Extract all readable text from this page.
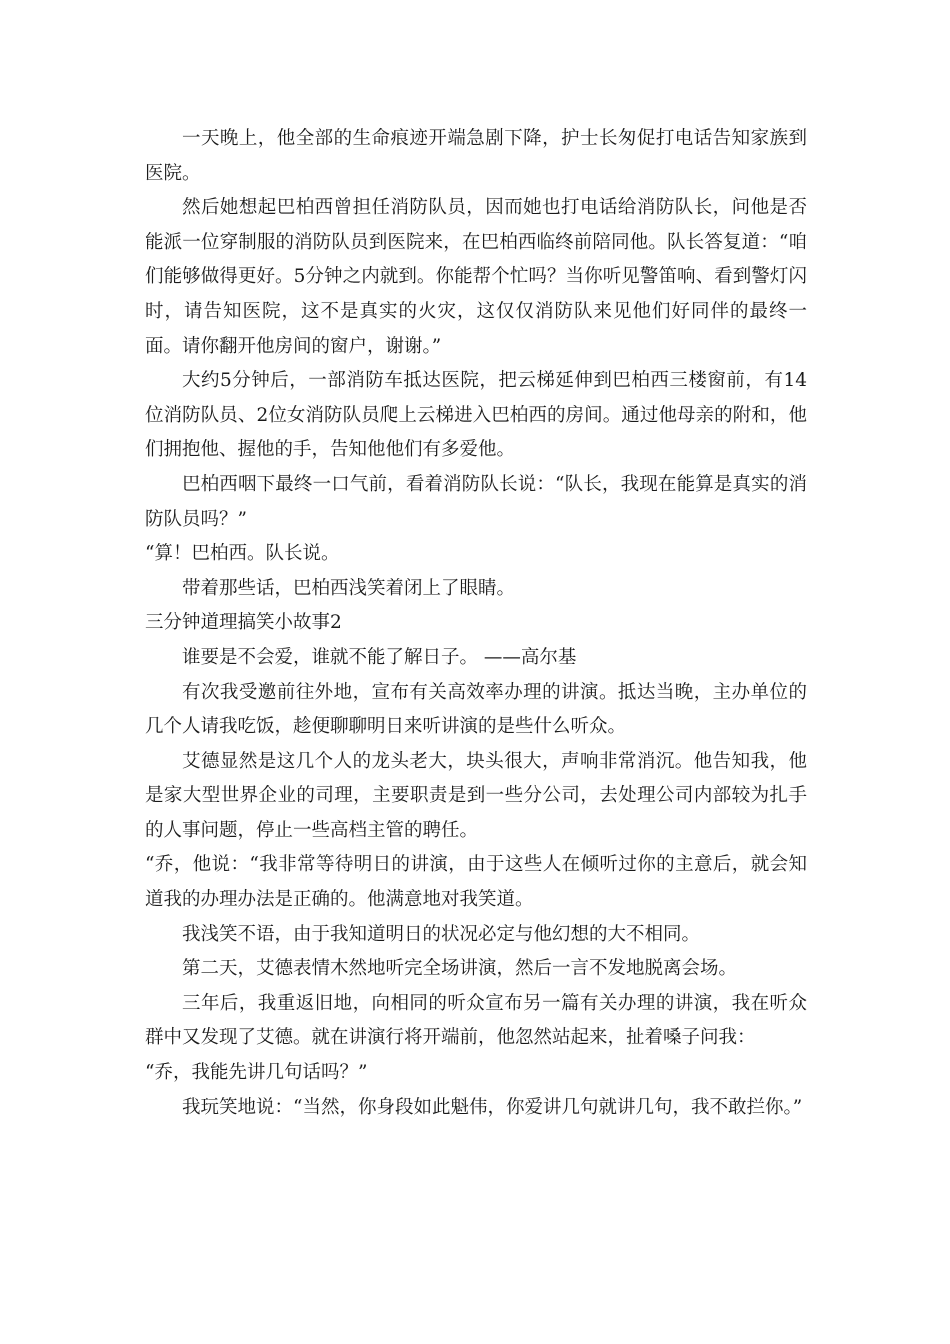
一天晚上，他全部的生命痕迹开端急剧下降，护士长匆促打电话告知家族到医院。

然后她想起巴柏西曾担任消防队员，因而她也打电话给消防队长，问他是否能派一位穿制服的消防队员到医院来，在巴柏西临终前陪同他。队长答复道：“咱们能够做得更好。5分钟之内就到。你能帮个忙吗？当你听见警笛响、看到警灯闪时，请告知医院，这不是真实的火灾，这仅仅消防队来见他们好同伴的最终一面。请你翻开他房间的窗户，谢谢。”

大约5分钟后，一部消防车抵达医院，把云梯延伸到巴柏西三楼窗前，有14位消防队员、2位女消防队员爬上云梯进入巴柏西的房间。通过他母亲的附和，他们拥抱他、握他的手，告知他他们有多爱他。

巴柏西咽下最终一口气前，看着消防队长说：“队长，我现在能算是真实的消防队员吗？”

“算！巴柏西。队长说。

带着那些话，巴柏西浅笑着闭上了眼睛。

三分钟道理搞笑小故事2

谁要是不会爱，谁就不能了解日子。 ——高尔基

有次我受邀前往外地，宣布有关高效率办理的讲演。抵达当晚，主办单位的几个人请我吃饭，趁便聊聊明日来听讲演的是些什么听众。

艾德显然是这几个人的龙头老大，块头很大，声响非常消沉。他告知我，他是家大型世界企业的司理，主要职责是到一些分公司，去处理公司内部较为扎手的人事问题，停止一些高档主管的聘任。

“乔，他说：“我非常等待明日的讲演，由于这些人在倾听过你的主意后，就会知道我的办理办法是正确的。他满意地对我笑道。

我浅笑不语，由于我知道明日的状况必定与他幻想的大不相同。

第二天，艾德表情木然地听完全场讲演，然后一言不发地脱离会场。

三年后，我重返旧地，向相同的听众宣布另一篇有关办理的讲演，我在听众群中又发现了艾德。就在讲演行将开端前，他忽然站起来，扯着嗓子问我：

“乔，我能先讲几句话吗？”

我玩笑地说：“当然，你身段如此魁伟，你爱讲几句就讲几句，我不敢拦你。”
